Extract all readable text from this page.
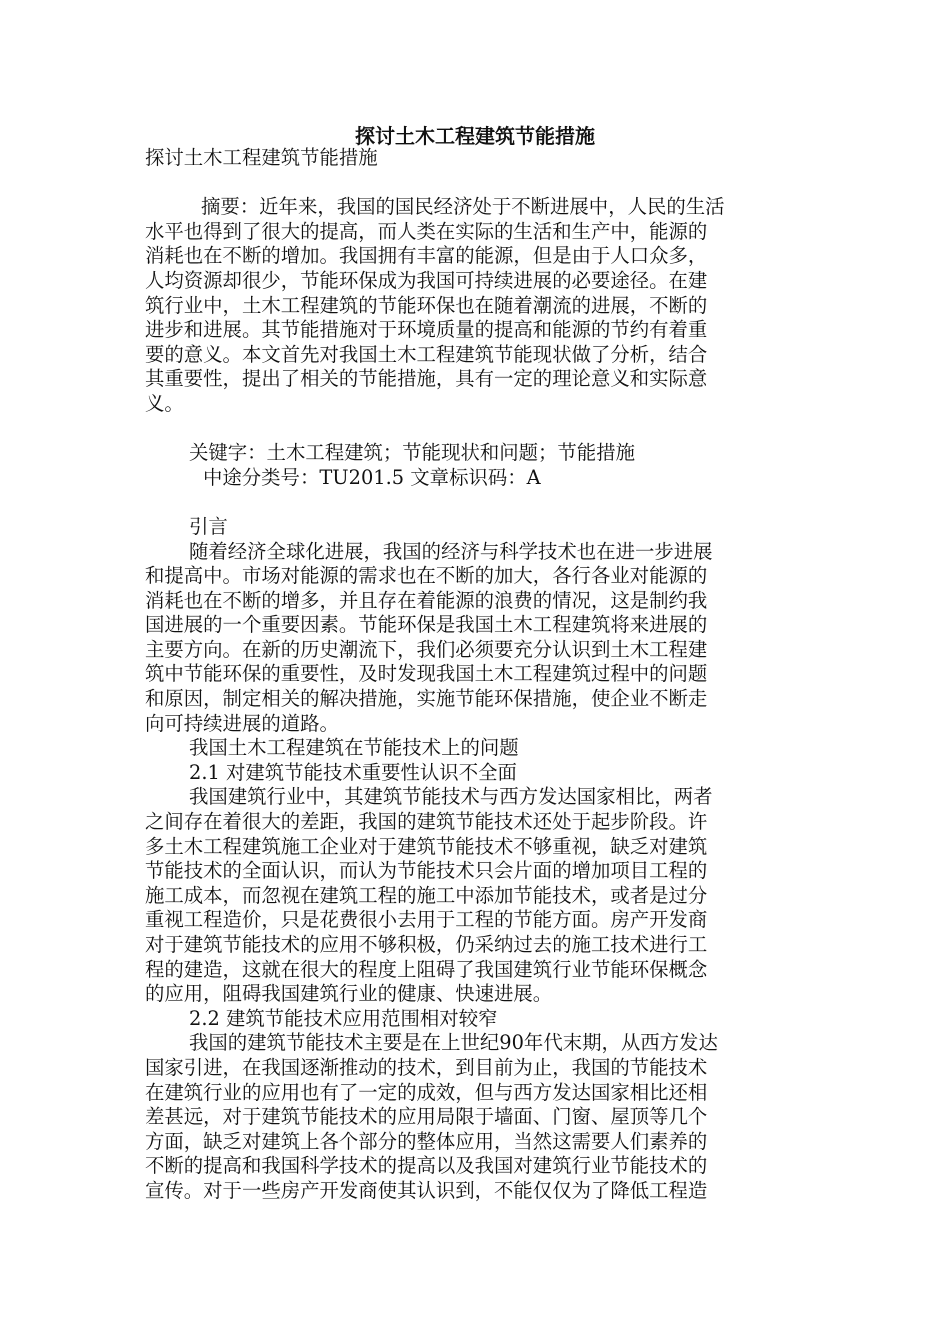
探讨土木工程建筑节能措施
探讨土木工程建筑节能措施
摘要：近年来，我国的国民经济处于不断进展中，人民的生活
水平也得到了很大的提高，而人类在实际的生活和生产中，能源的
消耗也在不断的增加。我国拥有丰富的能源，但是由于人口众多，
人均资源却很少，节能环保成为我国可持续进展的必要途径。在建
筑行业中，土木工程建筑的节能环保也在随着潮流的进展，不断的
进步和进展。其节能措施对于环境质量的提高和能源的节约有着重
要的意义。本文首先对我国土木工程建筑节能现状做了分析，结合
其重要性，提出了相关的节能措施，具有一定的理论意义和实际意
义。
关键字：土木工程建筑；节能现状和问题；节能措施
中途分类号：TU201.5 文章标识码：A
引言
随着经济全球化进展，我国的经济与科学技术也在进一步进展
和提高中。市场对能源的需求也在不断的加大，各行各业对能源的
消耗也在不断的增多，并且存在着能源的浪费的情况，这是制约我
国进展的一个重要因素。节能环保是我国土木工程建筑将来进展的
主要方向。在新的历史潮流下，我们必须要充分认识到土木工程建
筑中节能环保的重要性，及时发现我国土木工程建筑过程中的问题
和原因，制定相关的解决措施，实施节能环保措施，使企业不断走
向可持续进展的道路。
我国土木工程建筑在节能技术上的问题
2.1 对建筑节能技术重要性认识不全面
我国建筑行业中，其建筑节能技术与西方发达国家相比，两者
之间存在着很大的差距，我国的建筑节能技术还处于起步阶段。许
多土木工程建筑施工企业对于建筑节能技术不够重视，缺乏对建筑
节能技术的全面认识，而认为节能技术只会片面的增加项目工程的
施工成本，而忽视在建筑工程的施工中添加节能技术，或者是过分
重视工程造价，只是花费很小去用于工程的节能方面。房产开发商
对于建筑节能技术的应用不够积极，仍采纳过去的施工技术进行工
程的建造，这就在很大的程度上阻碍了我国建筑行业节能环保概念
的应用，阻碍我国建筑行业的健康、快速进展。
2.2 建筑节能技术应用范围相对较窄
我国的建筑节能技术主要是在上世纪90年代末期，从西方发达
国家引进，在我国逐渐推动的技术，到目前为止，我国的节能技术
在建筑行业的应用也有了一定的成效，但与西方发达国家相比还相
差甚远，对于建筑节能技术的应用局限于墙面、门窗、屋顶等几个
方面，缺乏对建筑上各个部分的整体应用，当然这需要人们素养的
不断的提高和我国科学技术的提高以及我国对建筑行业节能技术的
宣传。对于一些房产开发商使其认识到，不能仅仅为了降低工程造
